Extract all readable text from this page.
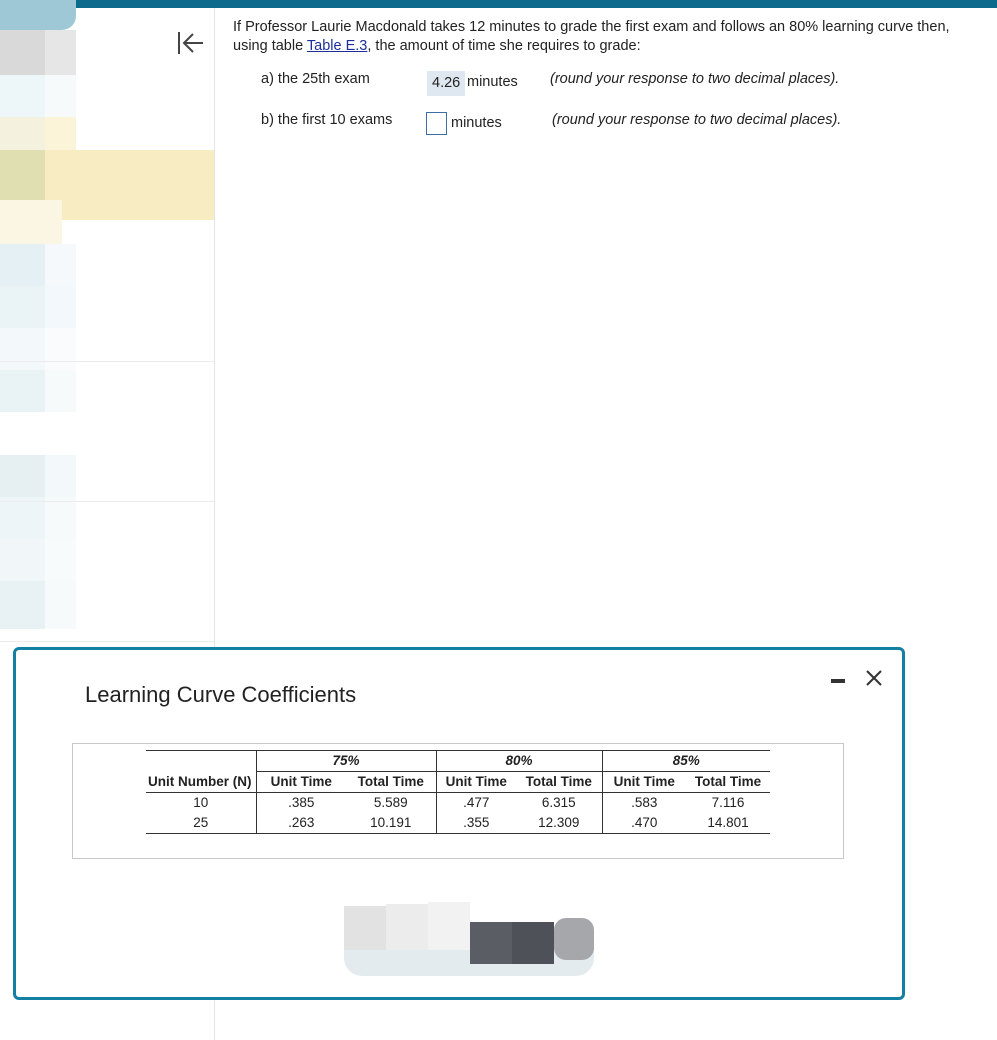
If Professor Laurie Macdonald takes 12 minutes to grade the first exam and follows an 80% learning curve then, using table Table E.3, the amount of time she requires to grade:
a) the 25th exam	4.26 minutes (round your response to two decimal places).
b) the first 10 exams	minutes	(round your response to two decimal places).
Learning Curve Coefficients
	75%		80%		85%	
Unit Number (N)	Unit Time	Total Time	Unit Time	Total Time	Unit Time	Total Time
10	.385	5.589	.477	6.315	.583	7.116
25	.263	10.191	.355	12.309	.470	14.801
